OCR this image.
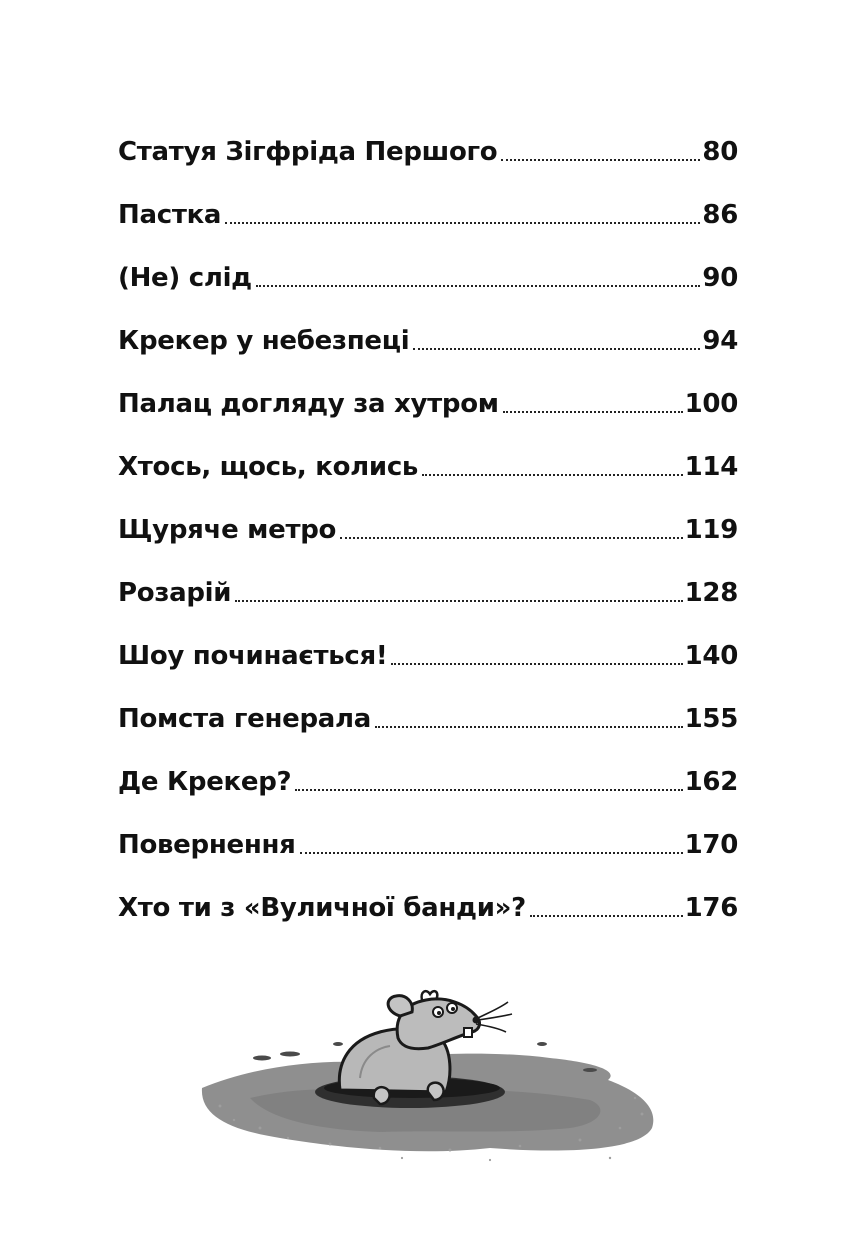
Статуя Зігфріда Першого	80
Пастка	86
(Не) слід	90
Крекер у небезпеці	94
Палац догляду за хутром	100
Хтось, щось, колись	114
Щуряче метро	119
Розарій	128
Шоу починається!	140
Помста генерала	155
Де Крекер?	162
Повернення	170
Хто ти з «Вуличної банди»?	176
